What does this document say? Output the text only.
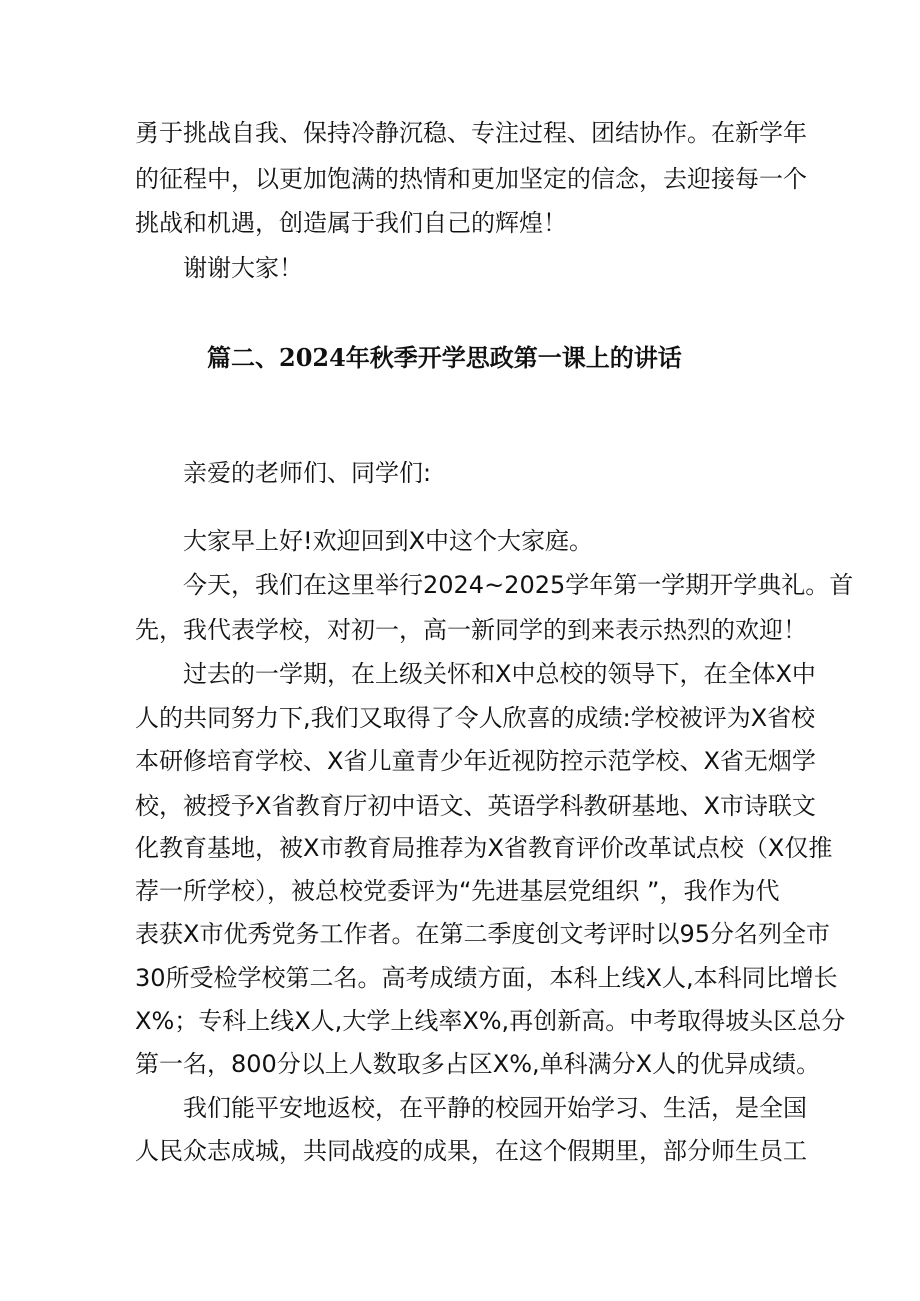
勇于挑战自我、保持冷静沉稳、专注过程、团结协作。在新学年
的征程中，以更加饱满的热情和更加坚定的信念，去迎接每一个
挑战和机遇，创造属于我们自己的辉煌！
谢谢大家！
篇二、2024年秋季开学思政第一课上的讲话
亲爱的老师们、同学们:
大家早上好!欢迎回到X中这个大家庭。
今天，我们在这里举行2024~2025学年第一学期开学典礼。首
先，我代表学校，对初一，高一新同学的到来表示热烈的欢迎！
过去的一学期，在上级关怀和X中总校的领导下，在全体X中
人的共同努力下,我们又取得了令人欣喜的成绩:学校被评为X省校
本研修培育学校、X省儿童青少年近视防控示范学校、X省无烟学
校，被授予X省教育厅初中语文、英语学科教研基地、X市诗联文
化教育基地，被X市教育局推荐为X省教育评价改革试点校（X仅推
荐一所学校），被总校党委评为“先进基层党组织 ”，我作为代
表获X市优秀党务工作者。在第二季度创文考评时以95分名列全市
30所受检学校第二名。高考成绩方面，本科上线X人,本科同比增长
X%；专科上线X人,大学上线率X%,再创新高。中考取得坡头区总分
第一名，800分以上人数取多占区X%,单科满分X人的优异成绩。
我们能平安地返校，在平静的校园开始学习、生活，是全国
人民众志成城，共同战疫的成果，在这个假期里，部分师生员工
